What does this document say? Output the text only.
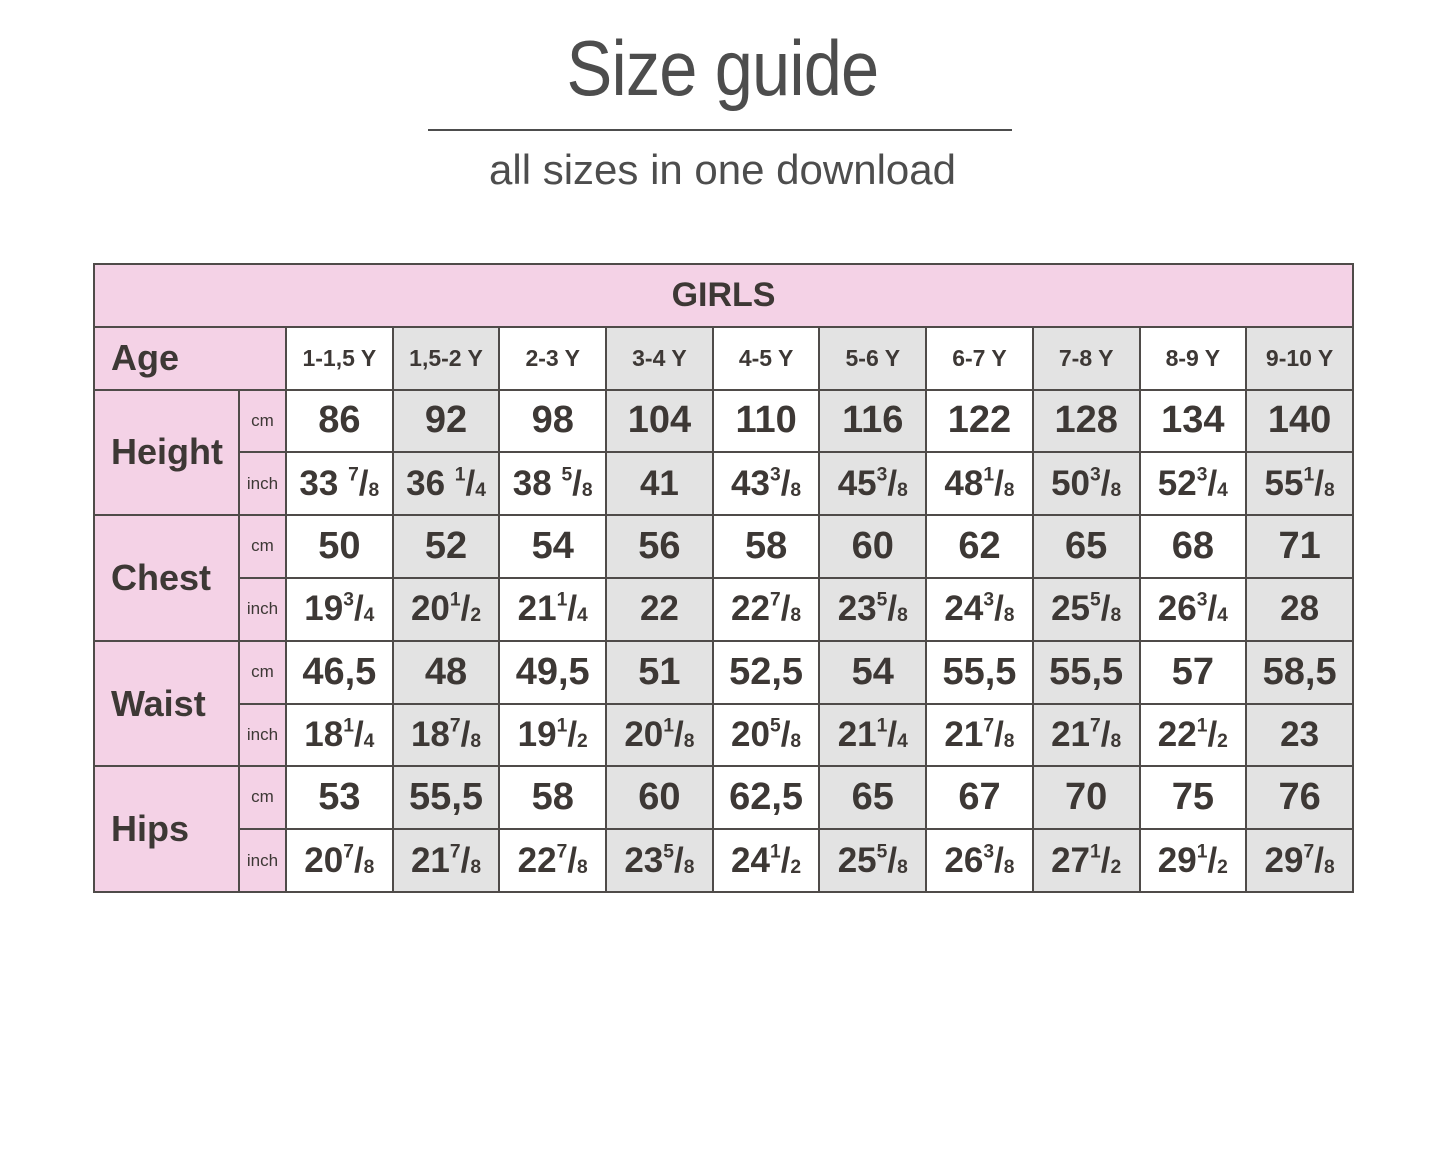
Size guide
all sizes in one download
GIRLS											
Age		1-1,5 Y	1,5-2 Y	2-3 Y	3-4 Y	4-5 Y	5-6 Y	6-7 Y	7-8 Y	8-9 Y	9-10 Y
Height	cm	86	92	98	104	110	116	122	128	134	140
	inch	33 $^7/_8$	36 $^1/_4$	38 $^5/_8$	41	$43^3/_8$	$45^3/_8$	$48^1/_8$	$50^3/_8$	$52^3/_4$	$55^1/_8$
Chest	cm	50	52	54	56	58	60	62	65	68	71
	inch	$19^3/_4$	$20^1/_2$	$21^1/_4$	22	$22^7/_8$	$23^5/_8$	$24^3/_8$	$25^5/_8$	$26^3/_4$	28
Waist	cm	46,5	48	49,5	51	52,5	54	55,5	55,5	57	58,5
	inch	$18^1/_4$	$18^7/_8$	$19^1/_2$	$20^1/_8$	$20^5/_8$	$21^1/_4$	$21^7/_8$	$21^7/_8$	$22^1/_2$	23
Hips	cm	53	55,5	58	60	62,5	65	67	70	75	76
	inch	$20^7/_8$	$21^7/_8$	$22^7/_8$	$23^5/_8$	$24^1/_2$	$25^5/_8$	$26^3/_8$	$27^1/_2$	$29^1/_2$	$29^7/_8$
